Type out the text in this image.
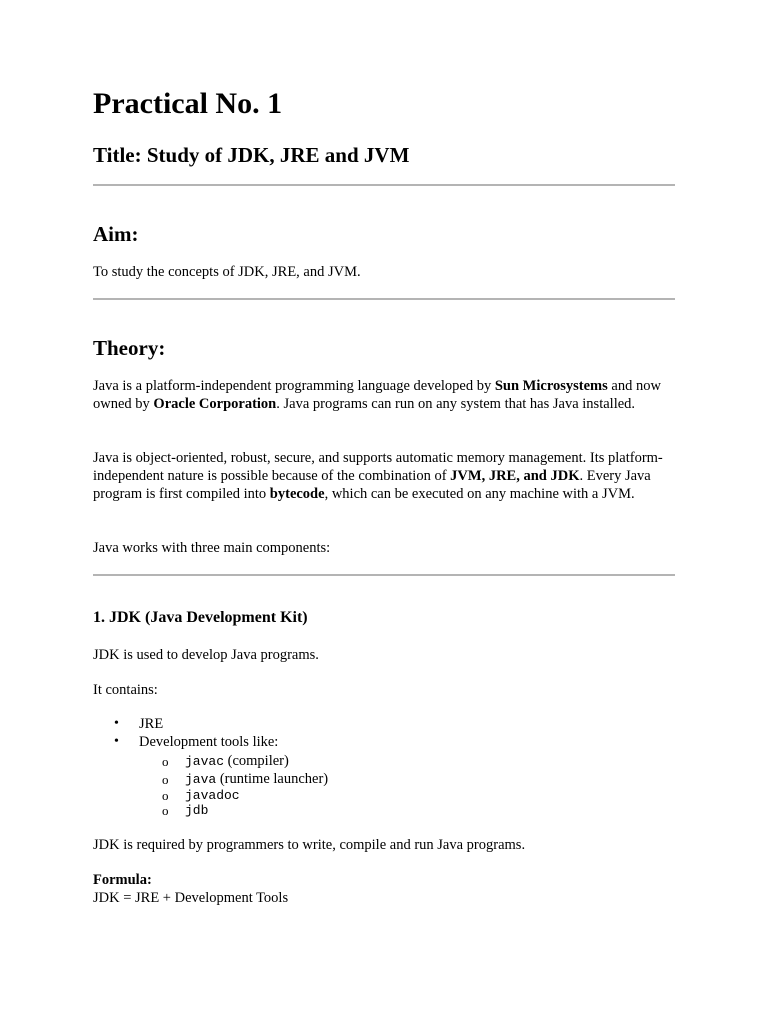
Practical No. 1
Title: Study of JDK, JRE and JVM
Aim:
To study the concepts of JDK, JRE, and JVM.
Theory:
Java is a platform-independent programming language developed by Sun Microsystems and now owned by Oracle Corporation. Java programs can run on any system that has Java installed.
Java is object-oriented, robust, secure, and supports automatic memory management. Its platform-independent nature is possible because of the combination of JVM, JRE, and JDK. Every Java program is first compiled into bytecode, which can be executed on any machine with a JVM.
Java works with three main components:
1. JDK (Java Development Kit)
JDK is used to develop Java programs.
It contains:
• JRE
• Development tools like:
o javac (compiler)
o java (runtime launcher)
o javadoc
o jdb
JDK is required by programmers to write, compile and run Java programs.
Formula:
JDK = JRE + Development Tools
